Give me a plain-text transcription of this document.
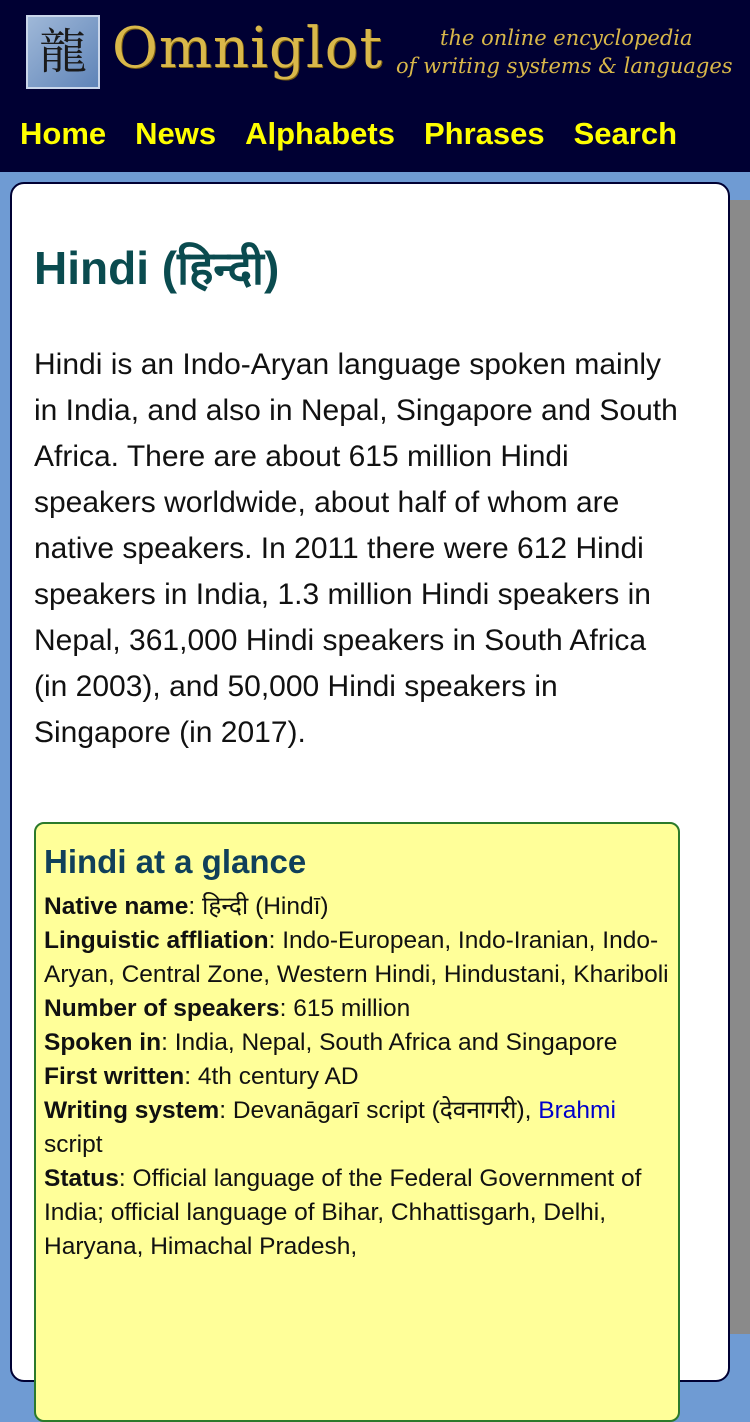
龍 Omniglot	the online encyclopedia
of writing systems & languages
Home News Alphabets Phrases Search
Hindi (हिन्दी)

Hindi is an Indo-Aryan language spoken mainly in India, and also in Nepal, Singapore and South Africa. There are about 615 million Hindi speakers worldwide, about half of whom are native speakers. In 2011 there were 612 Hindi speakers in India, 1.3 million Hindi speakers in Nepal, 361,000 Hindi speakers in South Africa (in 2003), and 50,000 Hindi speakers in Singapore (in 2017).

Hindi at a glance

Native name: हिन्दी (Hindī)

Linguistic affliation: Indo-European, Indo-Iranian, Indo-Aryan, Central Zone, Western Hindi, Hindustani, Khariboli

Number of speakers: 615 million

Spoken in: India, Nepal, South Africa and Singapore

First written: 4th century AD

Writing system: Devanāgarī script (देवनागरी), Brahmi script

Status: Official language of the Federal Government of India; official language of Bihar, Chhattisgarh, Delhi, Haryana, Himachal Pradesh,
